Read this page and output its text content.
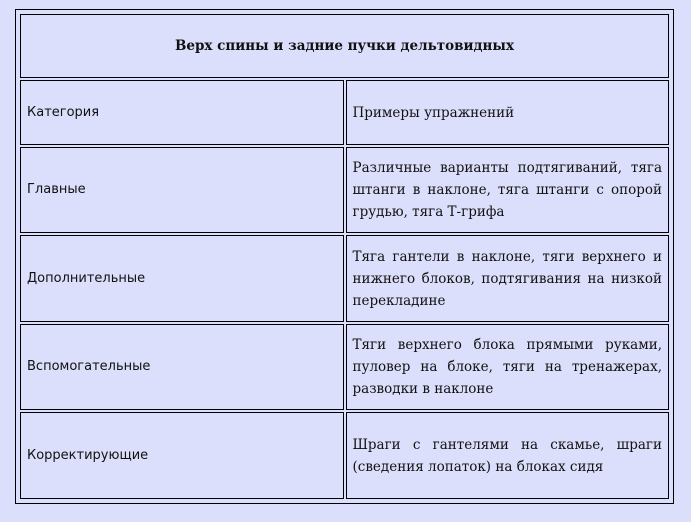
Верх спины и задние пучки дельтовидных	
Категория	Примеры упражнений
Главные	Различные варианты подтягиваний, тяга штанги в наклоне, тяга штанги с опорой грудью, тяга Т-грифа
Дополнительные	Тяга гантели в наклоне, тяги верхнего и нижнего блоков, подтягивания на низкой перекладине
Вспомогательные	Тяги верхнего блока прямыми руками, пуловер на блоке, тяги на тренажерах, разводки в наклоне
Корректирующие	Шраги с гантелями на скамье, шраги (сведения лопаток) на блоках сидя
